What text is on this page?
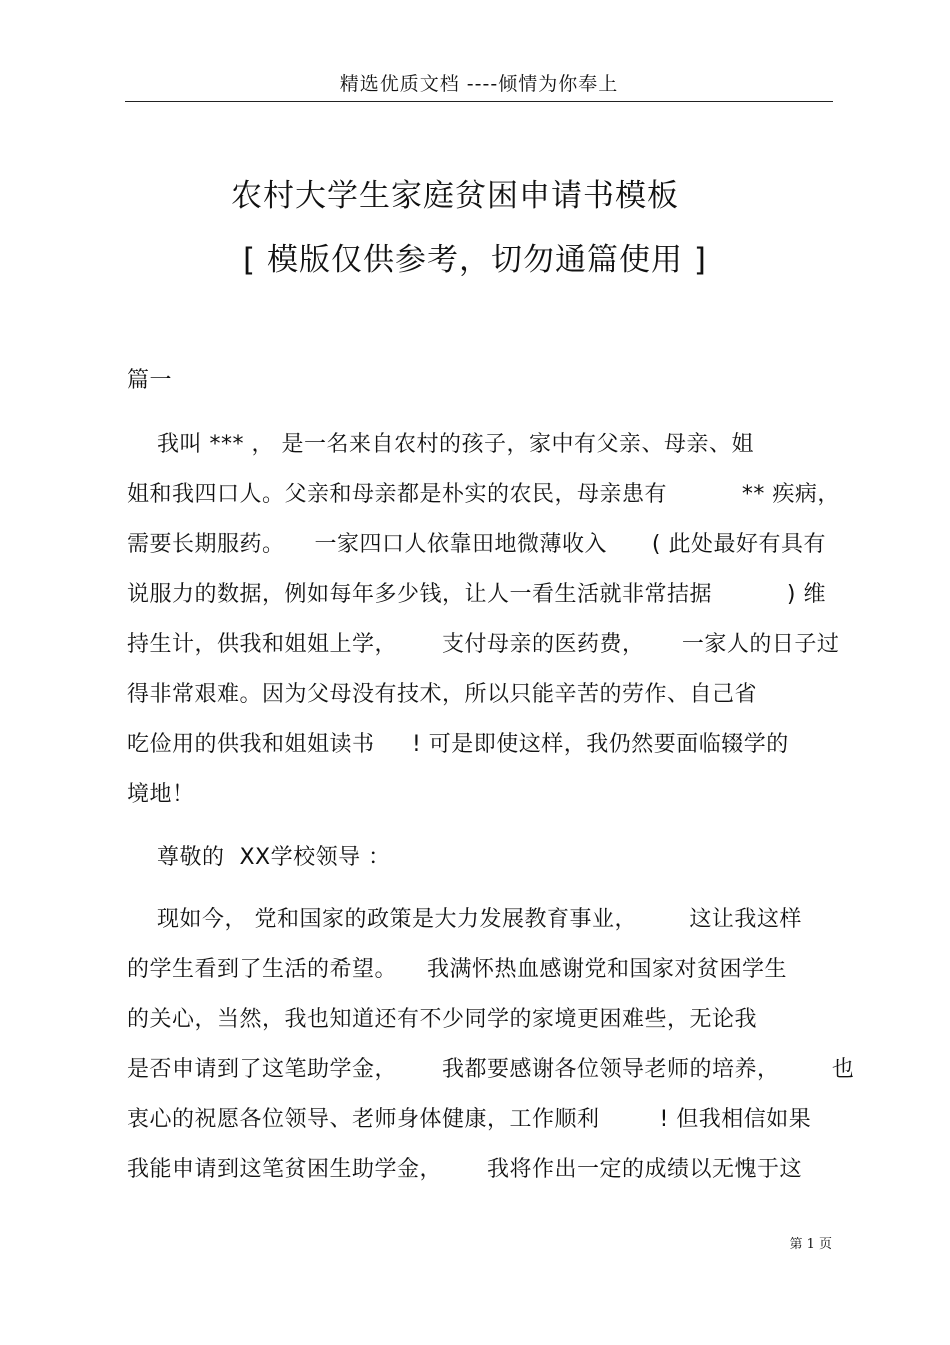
精选优质文档 ----倾情为你奉上
农村大学生家庭贫困申请书模板
[ 模版仅供参考，切勿通篇使用 ]
篇一
我叫 *** ， 是一名来自农村的孩子，家中有父亲、母亲、姐
姐和我四口人。父亲和母亲都是朴实的农民，母亲患有          ** 疾病，
需要长期服药。    一家四口人依靠田地微薄收入      ( 此处最好有具有
说服力的数据，例如每年多少钱，让人一看生活就非常拮据          ) 维
持生计，供我和姐姐上学，      支付母亲的医药费，     一家人的日子过
得非常艰难。因为父母没有技术，所以只能辛苦的劳作、自己省
吃俭用的供我和姐姐读书     ! 可是即使这样，我仍然要面临辍学的
境地！
尊敬的  XX学校领导 ：
现如今， 党和国家的政策是大力发展教育事业，       这让我这样
的学生看到了生活的希望。    我满怀热血感谢党和国家对贫困学生
的关心，当然，我也知道还有不少同学的家境更困难些，无论我
是否申请到了这笔助学金，      我都要感谢各位领导老师的培养，       也
衷心的祝愿各位领导、老师身体健康，工作顺利        ! 但我相信如果
我能申请到这笔贫困生助学金，      我将作出一定的成绩以无愧于这
第 1 页
